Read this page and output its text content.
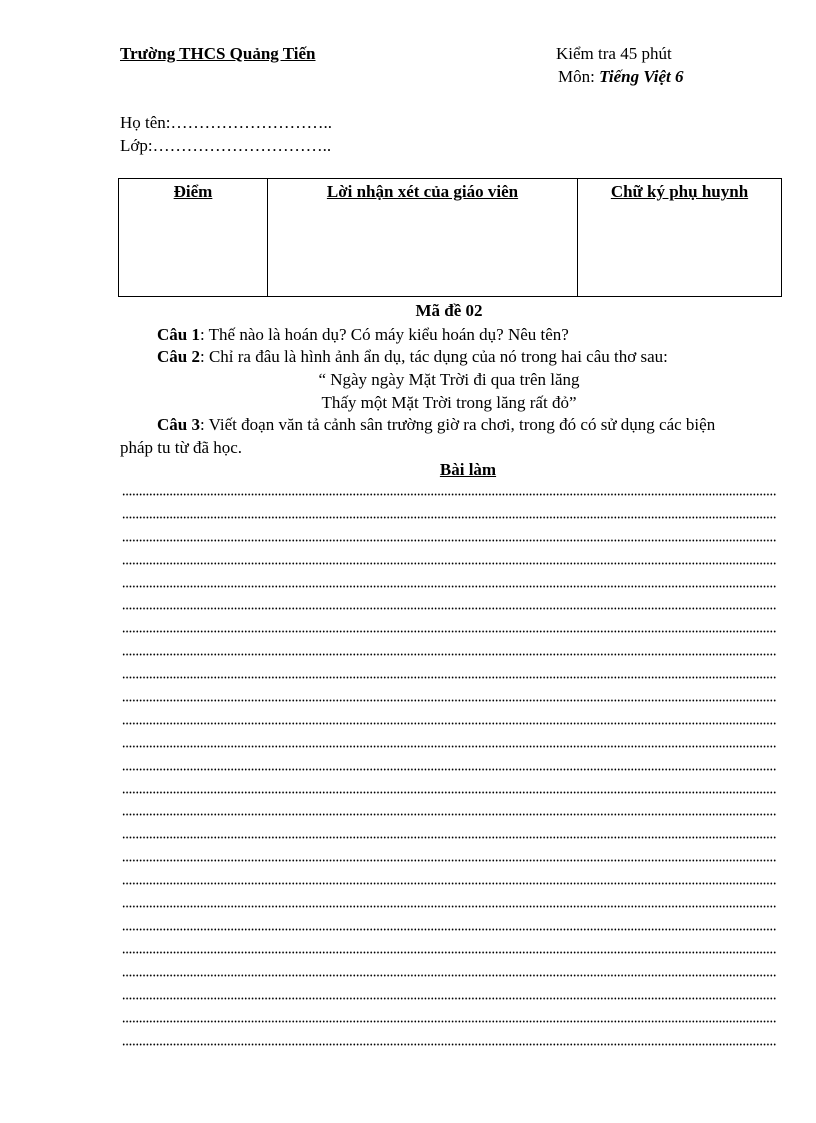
Trường THCS Quảng Tiến	Kiểm tra 45 phút
Môn: Tiếng Việt 6
Họ tên:………………………..
Lớp:…………………………..
Điểm	Lời nhận xét của giáo viên	Chữ ký phụ huynh
Mã đề 02
Câu 1: Thế nào là hoán dụ? Có máy kiểu hoán dụ? Nêu tên?
Câu 2: Chỉ ra đâu là hình ảnh ẩn dụ, tác dụng của nó trong hai câu thơ sau:
“ Ngày ngày Mặt Trời đi qua trên lăng
Thấy một Mặt Trời trong lăng rất đỏ”
Câu 3: Viết đoạn văn tả cảnh sân trường giờ ra chơi, trong đó có sử dụng các biện
pháp tu từ đã học.
Bài làm
